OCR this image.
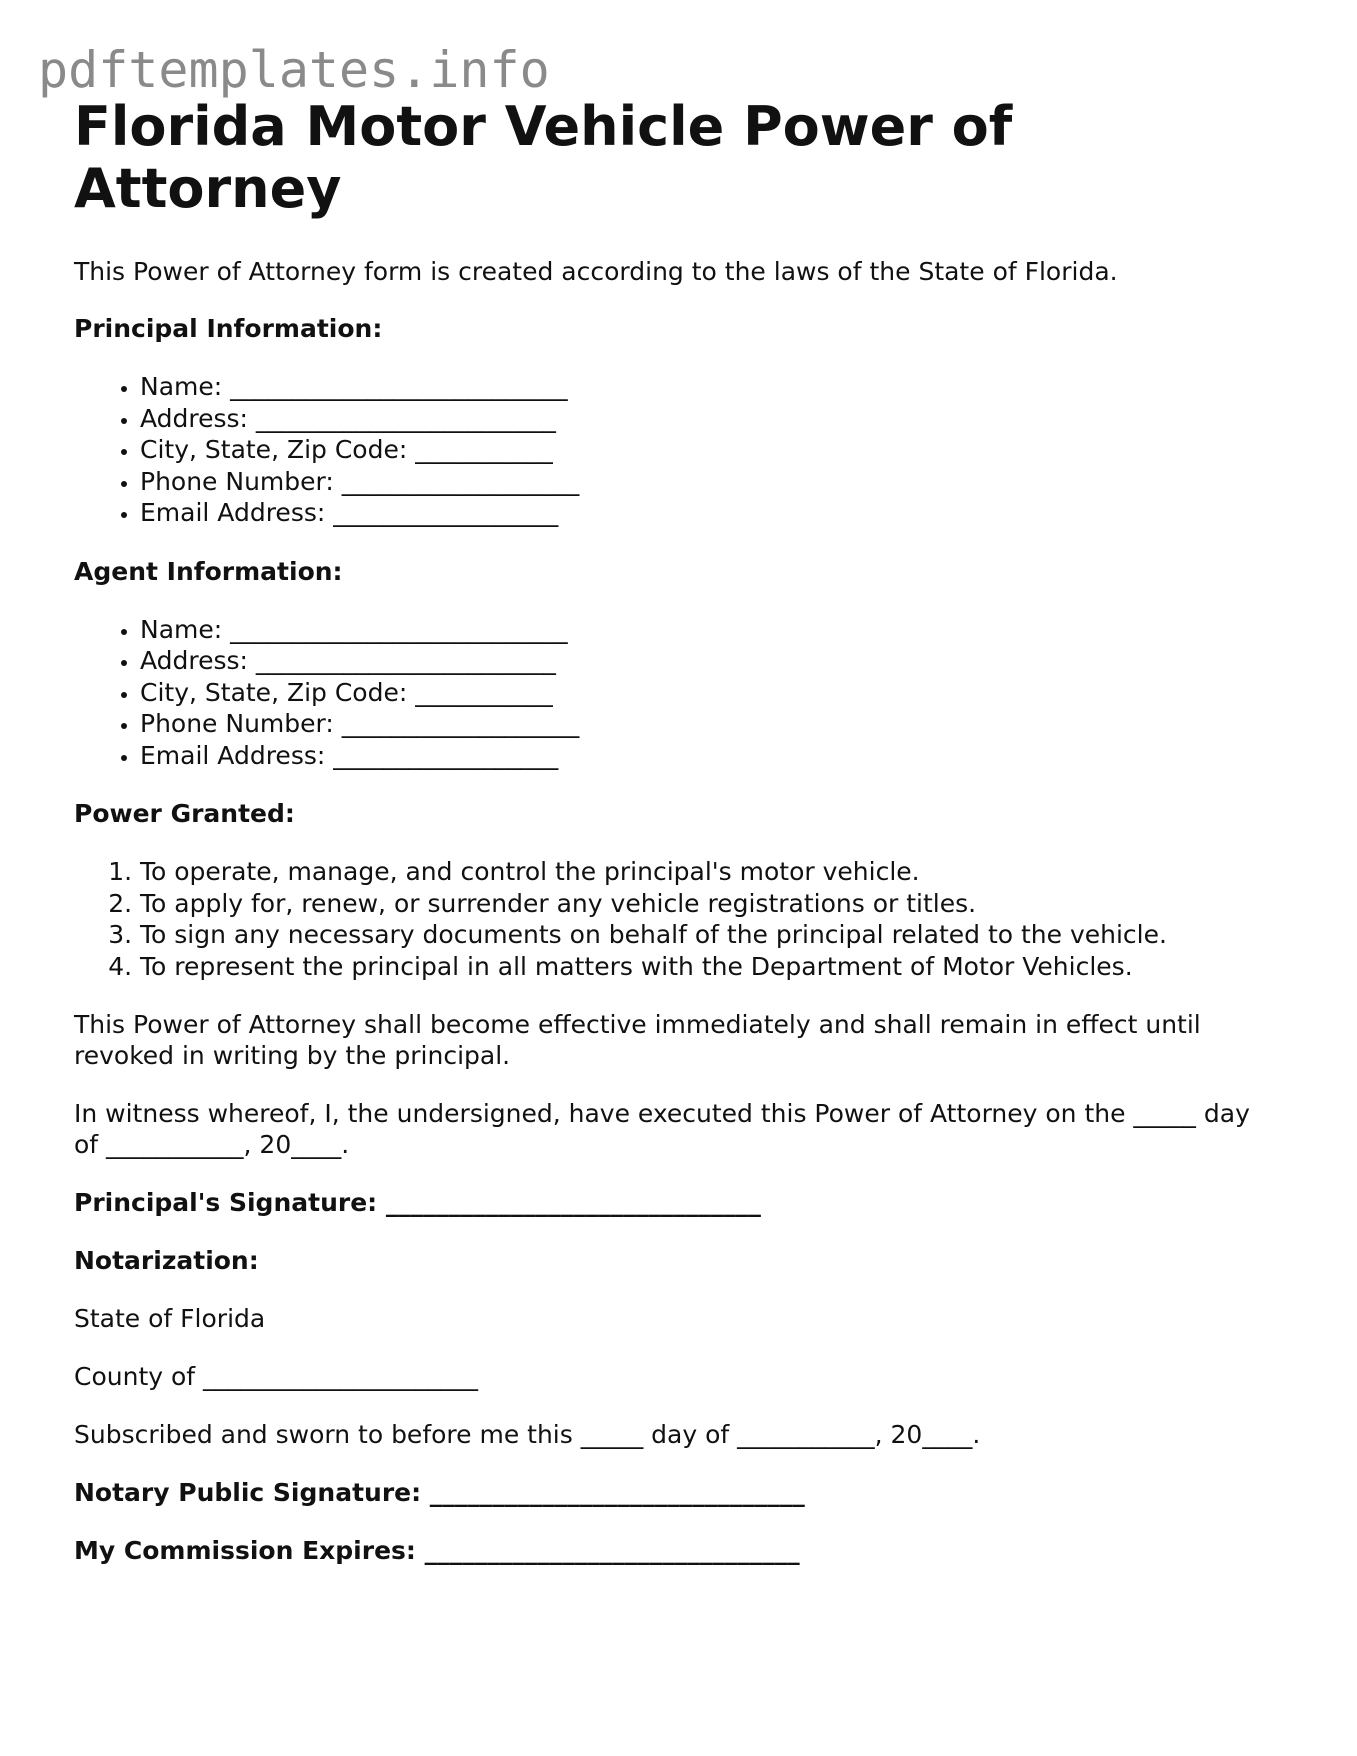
pdftemplates.info
Florida Motor Vehicle Power of Attorney

This Power of Attorney form is created according to the laws of the State of Florida.

Principal Information:

• Name: ___________________________
• Address: ________________________
• City, State, Zip Code: ___________
• Phone Number: ___________________
• Email Address: __________________

Agent Information:

• Name: ___________________________
• Address: ________________________
• City, State, Zip Code: ___________
• Phone Number: ___________________
• Email Address: __________________

Power Granted:

1. To operate, manage, and control the principal's motor vehicle.
2. To apply for, renew, or surrender any vehicle registrations or titles.
3. To sign any necessary documents on behalf of the principal related to the vehicle.
4. To represent the principal in all matters with the Department of Motor Vehicles.

This Power of Attorney shall become effective immediately and shall remain in effect until revoked in writing by the principal.

In witness whereof, I, the undersigned, have executed this Power of Attorney on the _____ day of ___________, 20____.

Principal's Signature: ______________________________

Notarization:

State of Florida

County of ______________________

Subscribed and sworn to before me this _____ day of ___________, 20____.

Notary Public Signature: ______________________________

My Commission Expires: ______________________________
